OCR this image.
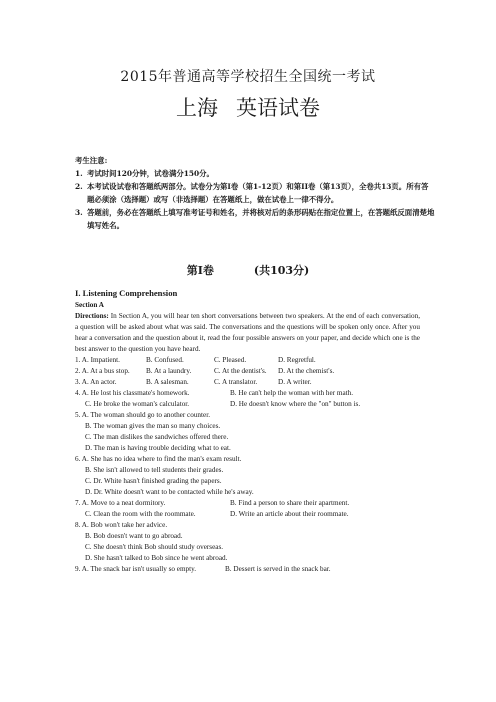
2015年普通高等学校招生全国统一考试
上海 英语试卷
考生注意:
1. 考试时间120分钟，试卷满分150分。
2. 本考试设试卷和答题纸两部分。试卷分为第I卷（第1-12页）和第II卷（第13页），全卷共13页。所有答题必须涂（选择题）或写（非选择题）在答题纸上，做在试卷上一律不得分。
3. 答题前，务必在答题纸上填写准考证号和姓名，并将核对后的条形码贴在指定位置上，在答题纸反面清楚地填写姓名。
第I卷	(共103分)
I. Listening Comprehension
Section A
Directions: In Section A, you will hear ten short conversations between two speakers. At the end of each conversation, a question will be asked about what was said. The conversations and the questions will be spoken only once. After you hear a conversation and the question about it, read the four possible answers on your paper, and decide which one is the best answer to the question you have heard.
1. A. Impatient.	B. Confused.	C. Pleased.	D. Regretful.
2. A. At a bus stop.	B. At a laundry.	C. At the dentist's.	D. At the chemist's.
3. A. An actor.	B. A salesman.	C. A translator.	D. A writer.
4. A. He lost his classmate's homework.	B. He can't help the woman with her math.
C. He broke the woman's calculator.	D. He doesn't know where the "on" button is.
5. A. The woman should go to another counter.
B. The woman gives the man so many choices.
C. The man dislikes the sandwiches offered there.
D. The man is having trouble deciding what to eat.
6. A. She has no idea where to find the man's exam result.
B. She isn't allowed to tell students their grades.
C. Dr. White hasn't finished grading the papers.
D. Dr. White doesn't want to be contacted while he's away.
7. A. Move to a neat dormitory.	B. Find a person to share their apartment.
C. Clean the room with the roommate.	D. Write an article about their roommate.
8. A. Bob won't take her advice.
B. Bob doesn't want to go abroad.
C. She doesn't think Bob should study overseas.
D. She hasn't talked to Bob since he went abroad.
9. A. The snack bar isn't usually so empty.	B. Dessert is served in the snack bar.
